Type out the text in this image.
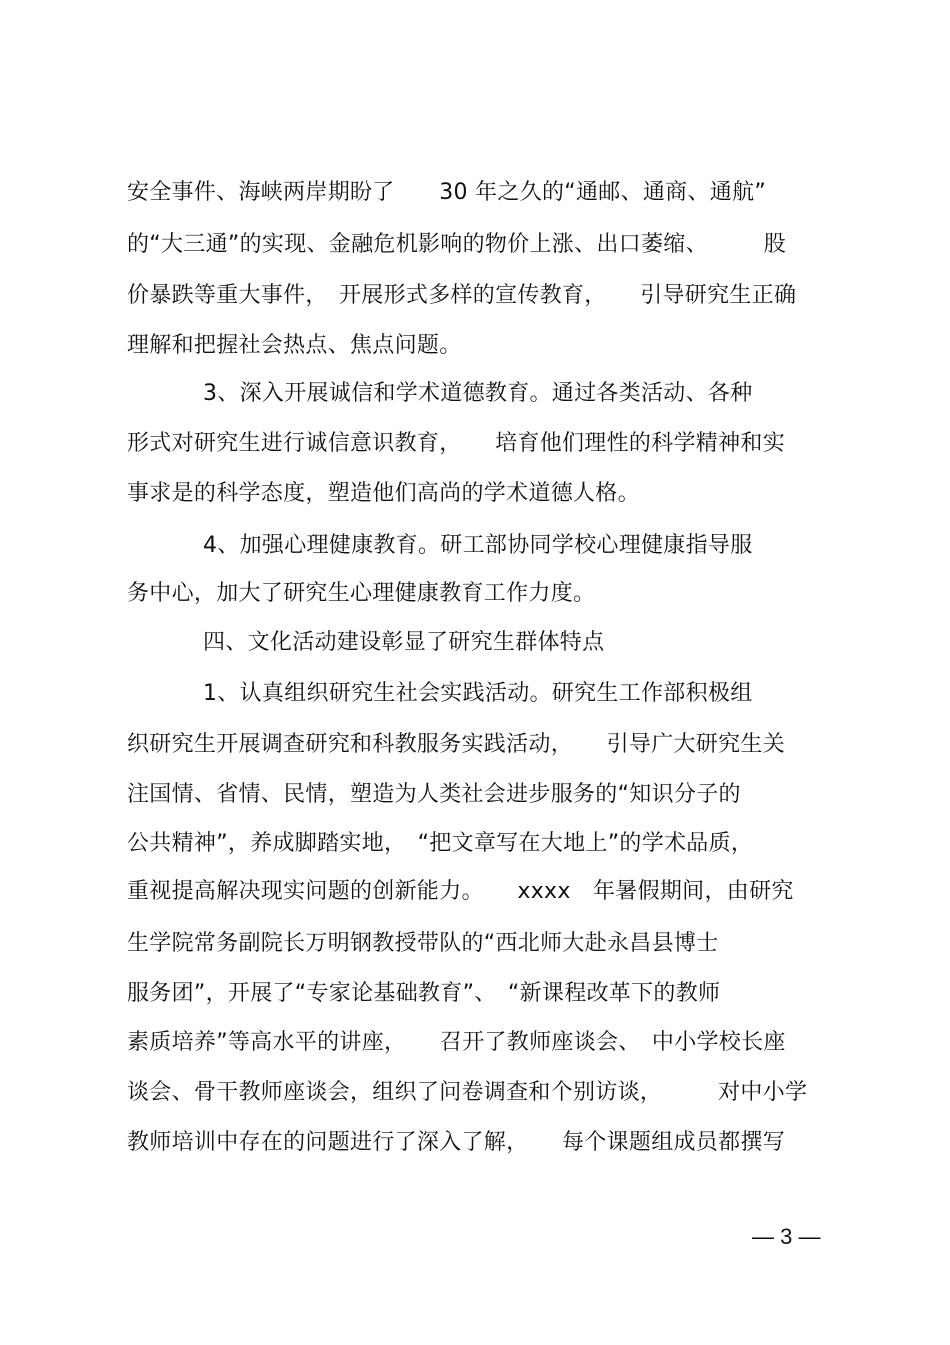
安全事件、海峡两岸期盼了　　30 年之久的“通邮、通商、通航”
的“大三通”的实现、金融危机影响的物价上涨、出口萎缩、　　　股
价暴跌等重大事件，　开展形式多样的宣传教育，　　引导研究生正确
理解和把握社会热点、焦点问题。
3、深入开展诚信和学术道德教育。通过各类活动、各种
形式对研究生进行诚信意识教育，　　培育他们理性的科学精神和实
事求是的科学态度，塑造他们高尚的学术道德人格。
4、加强心理健康教育。研工部协同学校心理健康指导服
务中心，加大了研究生心理健康教育工作力度。
四、文化活动建设彰显了研究生群体特点
1、认真组织研究生社会实践活动。研究生工作部积极组
织研究生开展调查研究和科教服务实践活动，　　引导广大研究生关
注国情、省情、民情，塑造为人类社会进步服务的“知识分子的
公共精神”，养成脚踏实地，　“把文章写在大地上”的学术品质，
重视提高解决现实问题的创新能力。　　xxxx　年暑假期间，由研究
生学院常务副院长万明钢教授带队的“西北师大赴永昌县博士
服务团”，开展了“专家论基础教育”、　“新课程改革下的教师
素质培养”等高水平的讲座，　　召开了教师座谈会、　中小学校长座
谈会、骨干教师座谈会，组织了问卷调查和个别访谈，　　　对中小学
教师培训中存在的问题进行了深入了解，　　每个课题组成员都撰写
— 3 —
